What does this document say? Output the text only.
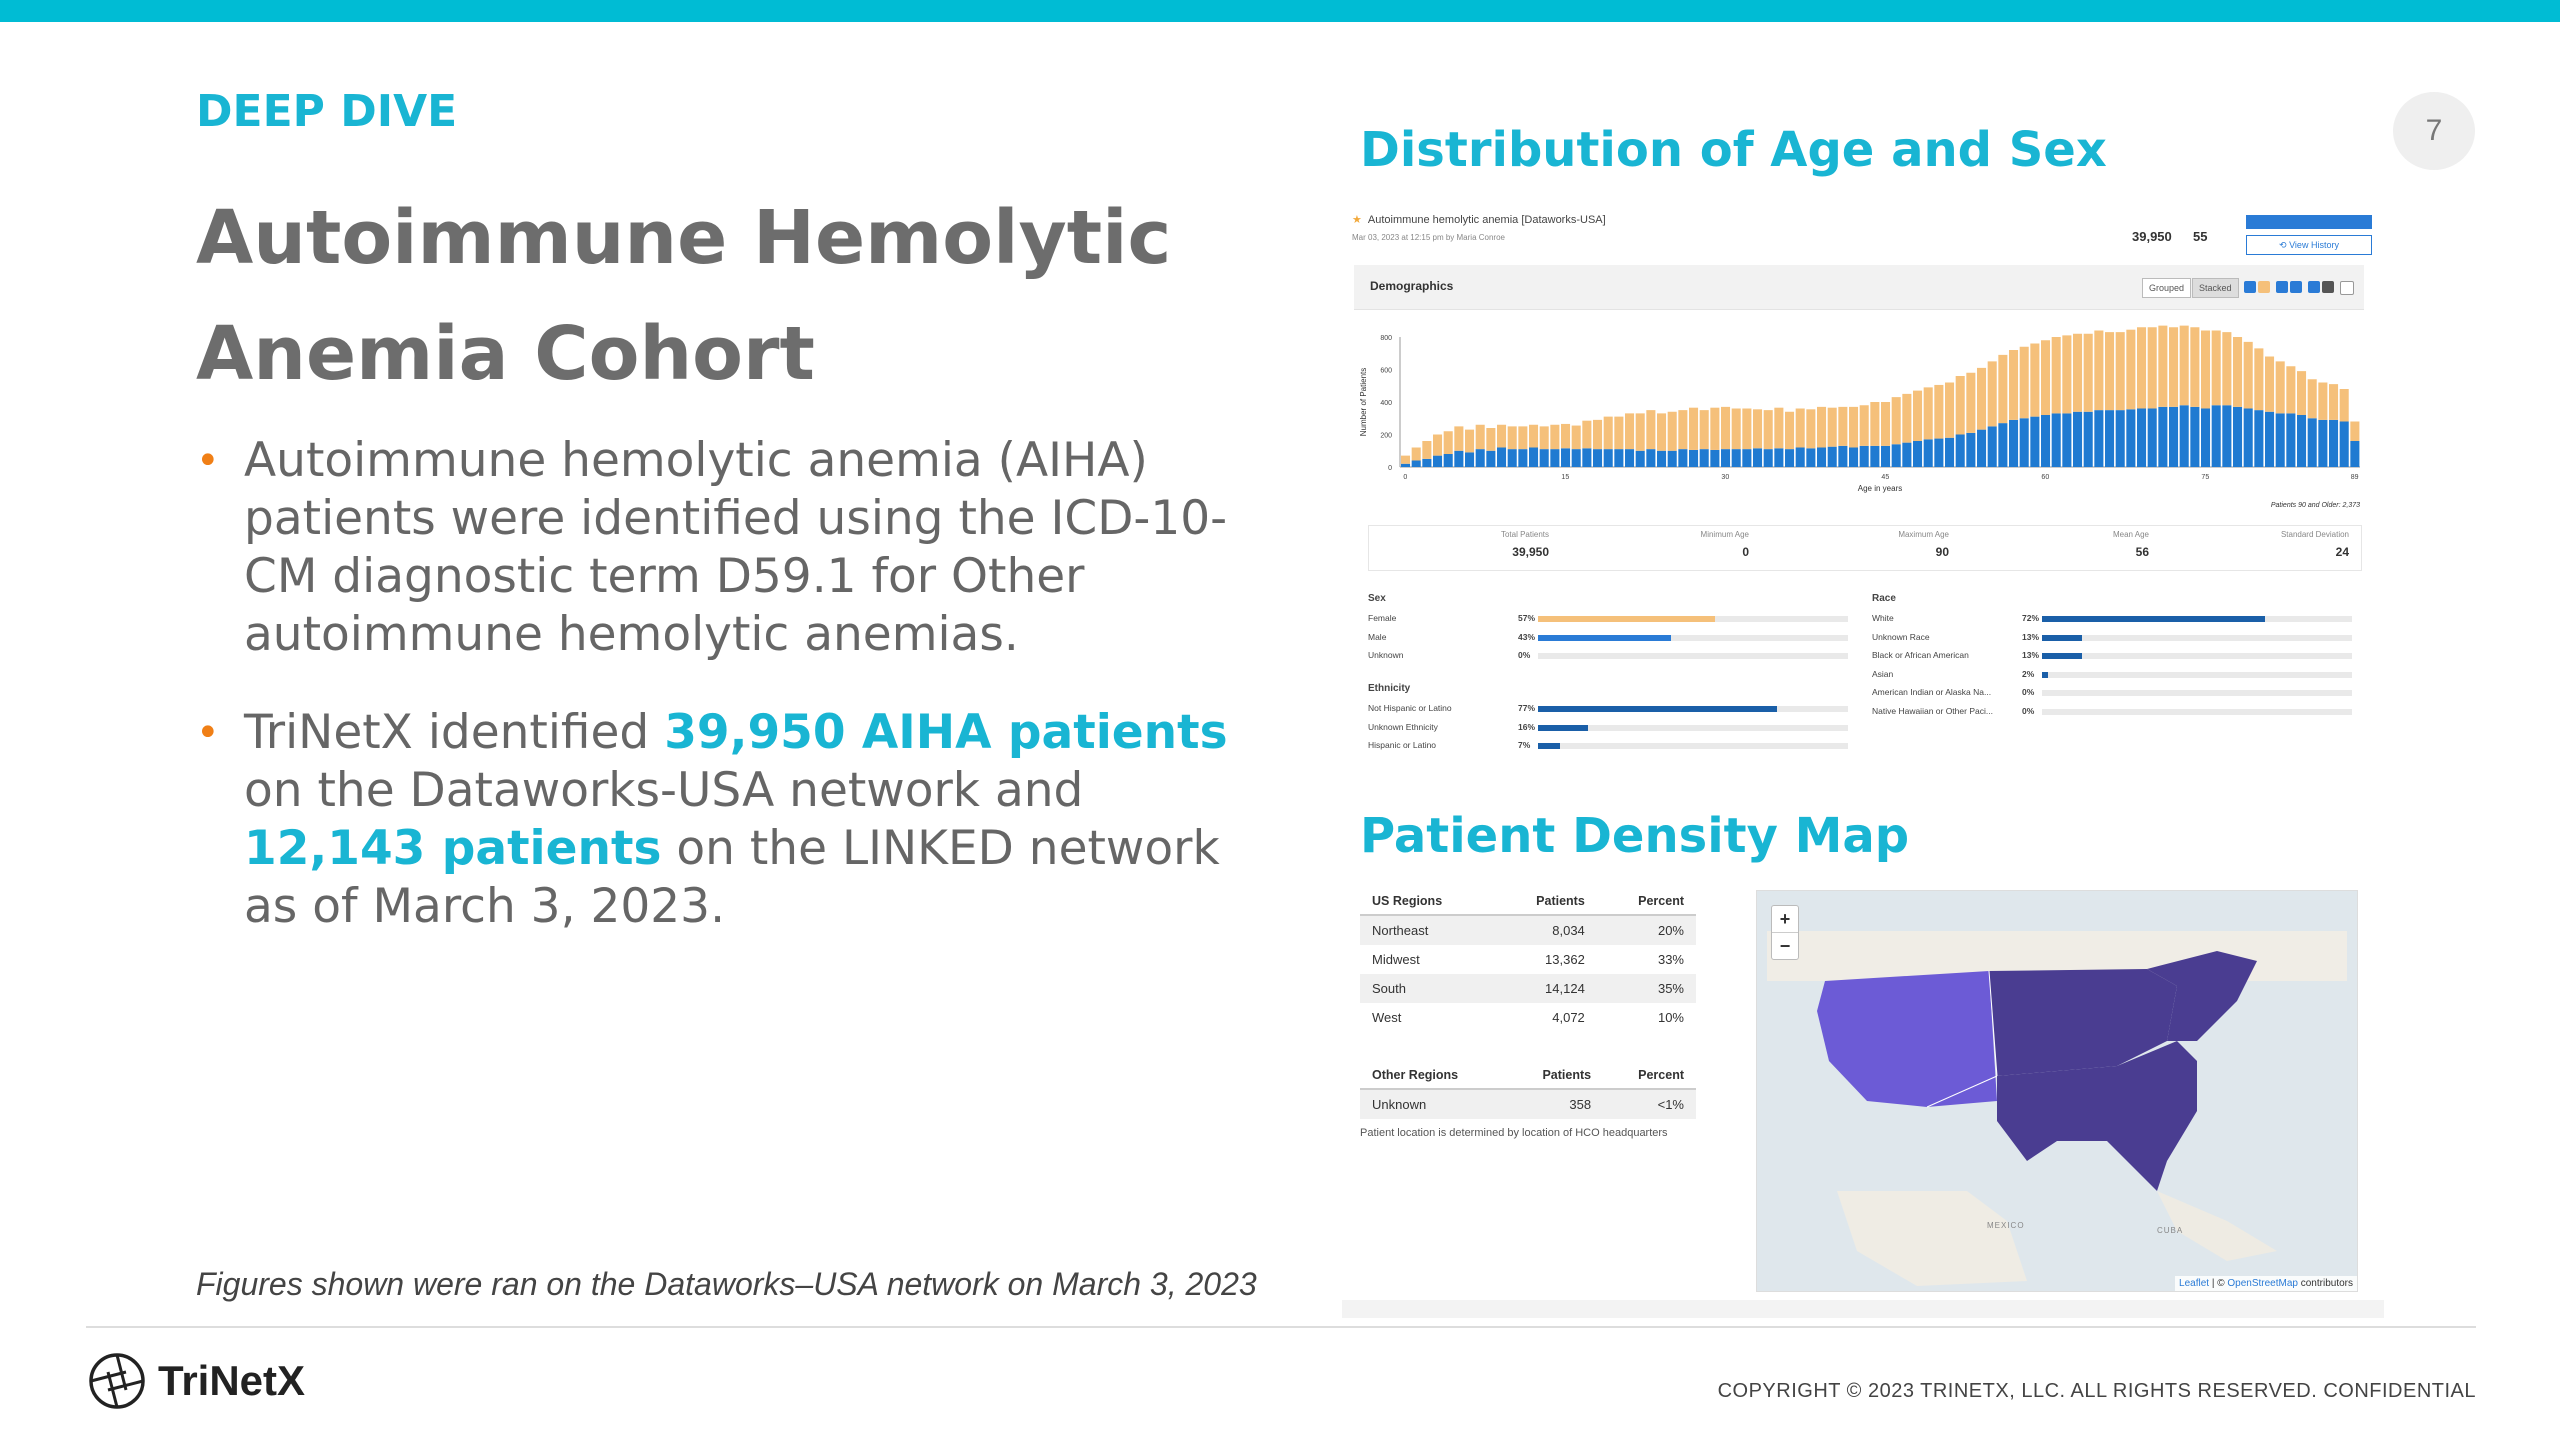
DEEP DIVE	7
Autoimmune Hemolytic Anemia Cohort
• Autoimmune hemolytic anemia (AIHA) patients were identified using the ICD-10-CM diagnostic term D59.1 for Other autoimmune hemolytic anemias.
• TriNetX identified 39,950 AIHA patients on the Dataworks-USA network and 12,143 patients on the LINKED network as of March 3, 2023.
Distribution of Age and Sex
★ Autoimmune hemolytic anemia [Dataworks-USA]
Mar 03, 2023 at 12:15 pm by Maria Conroe	39,950 55
⟲ View History
Demographics	Grouped	Stacked
0
200
400
600
800
0	15	30	45	60	75	89
Age in years
Number of Patients
Patients 90 and Older: 2,373
Total Patients
39,950
Minimum Age
0
Maximum Age
90
Mean Age
56
Standard Deviation
24
Sex
Female	57%
Male	43%
Unknown	0%
Ethnicity
Not Hispanic or Latino	77%
Unknown Ethnicity	16%
Hispanic or Latino	7%
Race
White	72%
Unknown Race	13%
Black or African American	13%
Asian	2%
American Indian or Alaska Na...	0%
Native Hawaiian or Other Paci...	0%
Patient Density Map
US Regions	Patients	Percent
Northeast	8,034	20%
Midwest	13,362	33%
South	14,124	35%
West	4,072	10%
Other Regions	Patients	Percent
Unknown	358	<1%
Patient location is determined by location of HCO headquarters
MEXICO
CUBA
+
−
Leaflet | © OpenStreetMap contributors
Figures shown were ran on the Dataworks–USA network on March 3, 2023
TriNetX	COPYRIGHT © 2023 TRINETX, LLC. ALL RIGHTS RESERVED. CONFIDENTIAL
